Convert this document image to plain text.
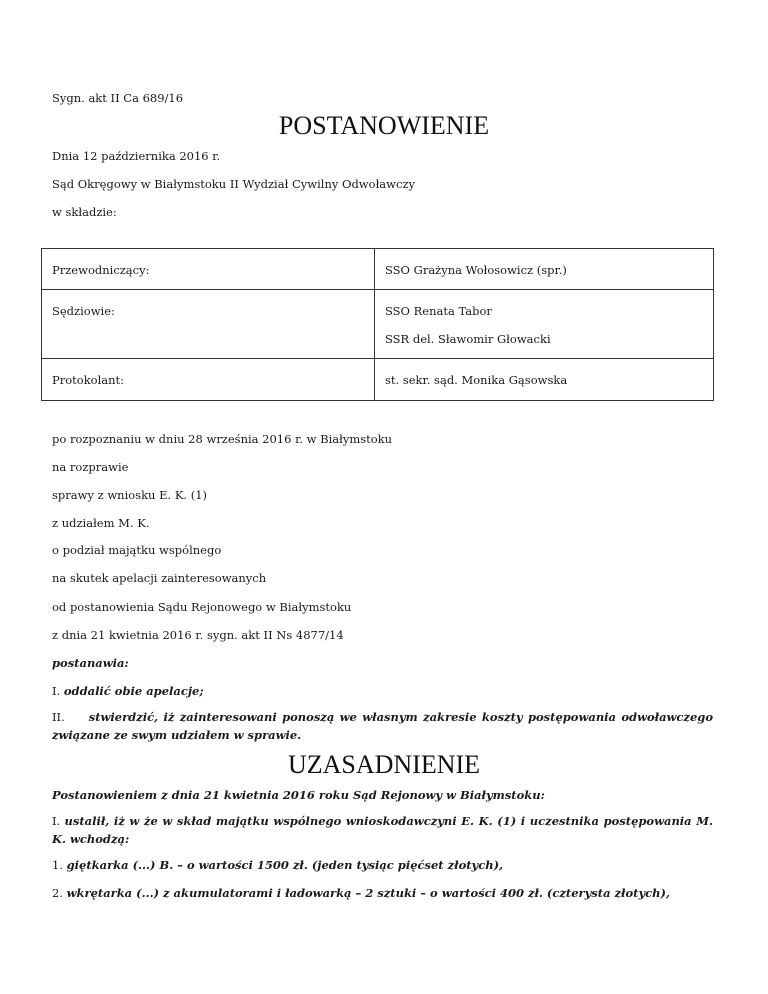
Sygn. akt II Ca 689/16
POSTANOWIENIE
Dnia 12 października 2016 r.
Sąd Okręgowy w Białymstoku II Wydział Cywilny Odwoławczy
w składzie:
Przewodniczący:	SSO Grażyna Wołosowicz (spr.)

Sędziowie:	SSO Renata Tabor
SSR del. Sławomir Głowacki

Protokolant:	st. sekr. sąd. Monika Gąsowska
po rozpoznaniu w dniu 28 września 2016 r. w Białymstoku
na rozprawie
sprawy z wniosku E. K. (1)
z udziałem M. K.
o podział majątku wspólnego
na skutek apelacji zainteresowanych
od postanowienia Sądu Rejonowego w Białymstoku
z dnia 21 kwietnia 2016 r. sygn. akt II Ns 4877/14
postanawia:
I. oddalić obie apelacje;
II. stwierdzić, iż zainteresowani ponoszą we własnym zakresie koszty postępowania odwoławczego związane ze swym udziałem w sprawie.
UZASADNIENIE
Postanowieniem z dnia 21 kwietnia 2016 roku Sąd Rejonowy w Białymstoku:
I. ustalił, iż w że w skład majątku wspólnego wnioskodawczyni E. K. (1) i uczestnika postępowania M. K. wchodzą:
1. giętkarka (...) B. – o wartości 1500 zł. (jeden tysiąc pięćset złotych),
2. wkrętarka (...) z akumulatorami i ładowarką – 2 sztuki – o wartości 400 zł. (czterysta złotych),
